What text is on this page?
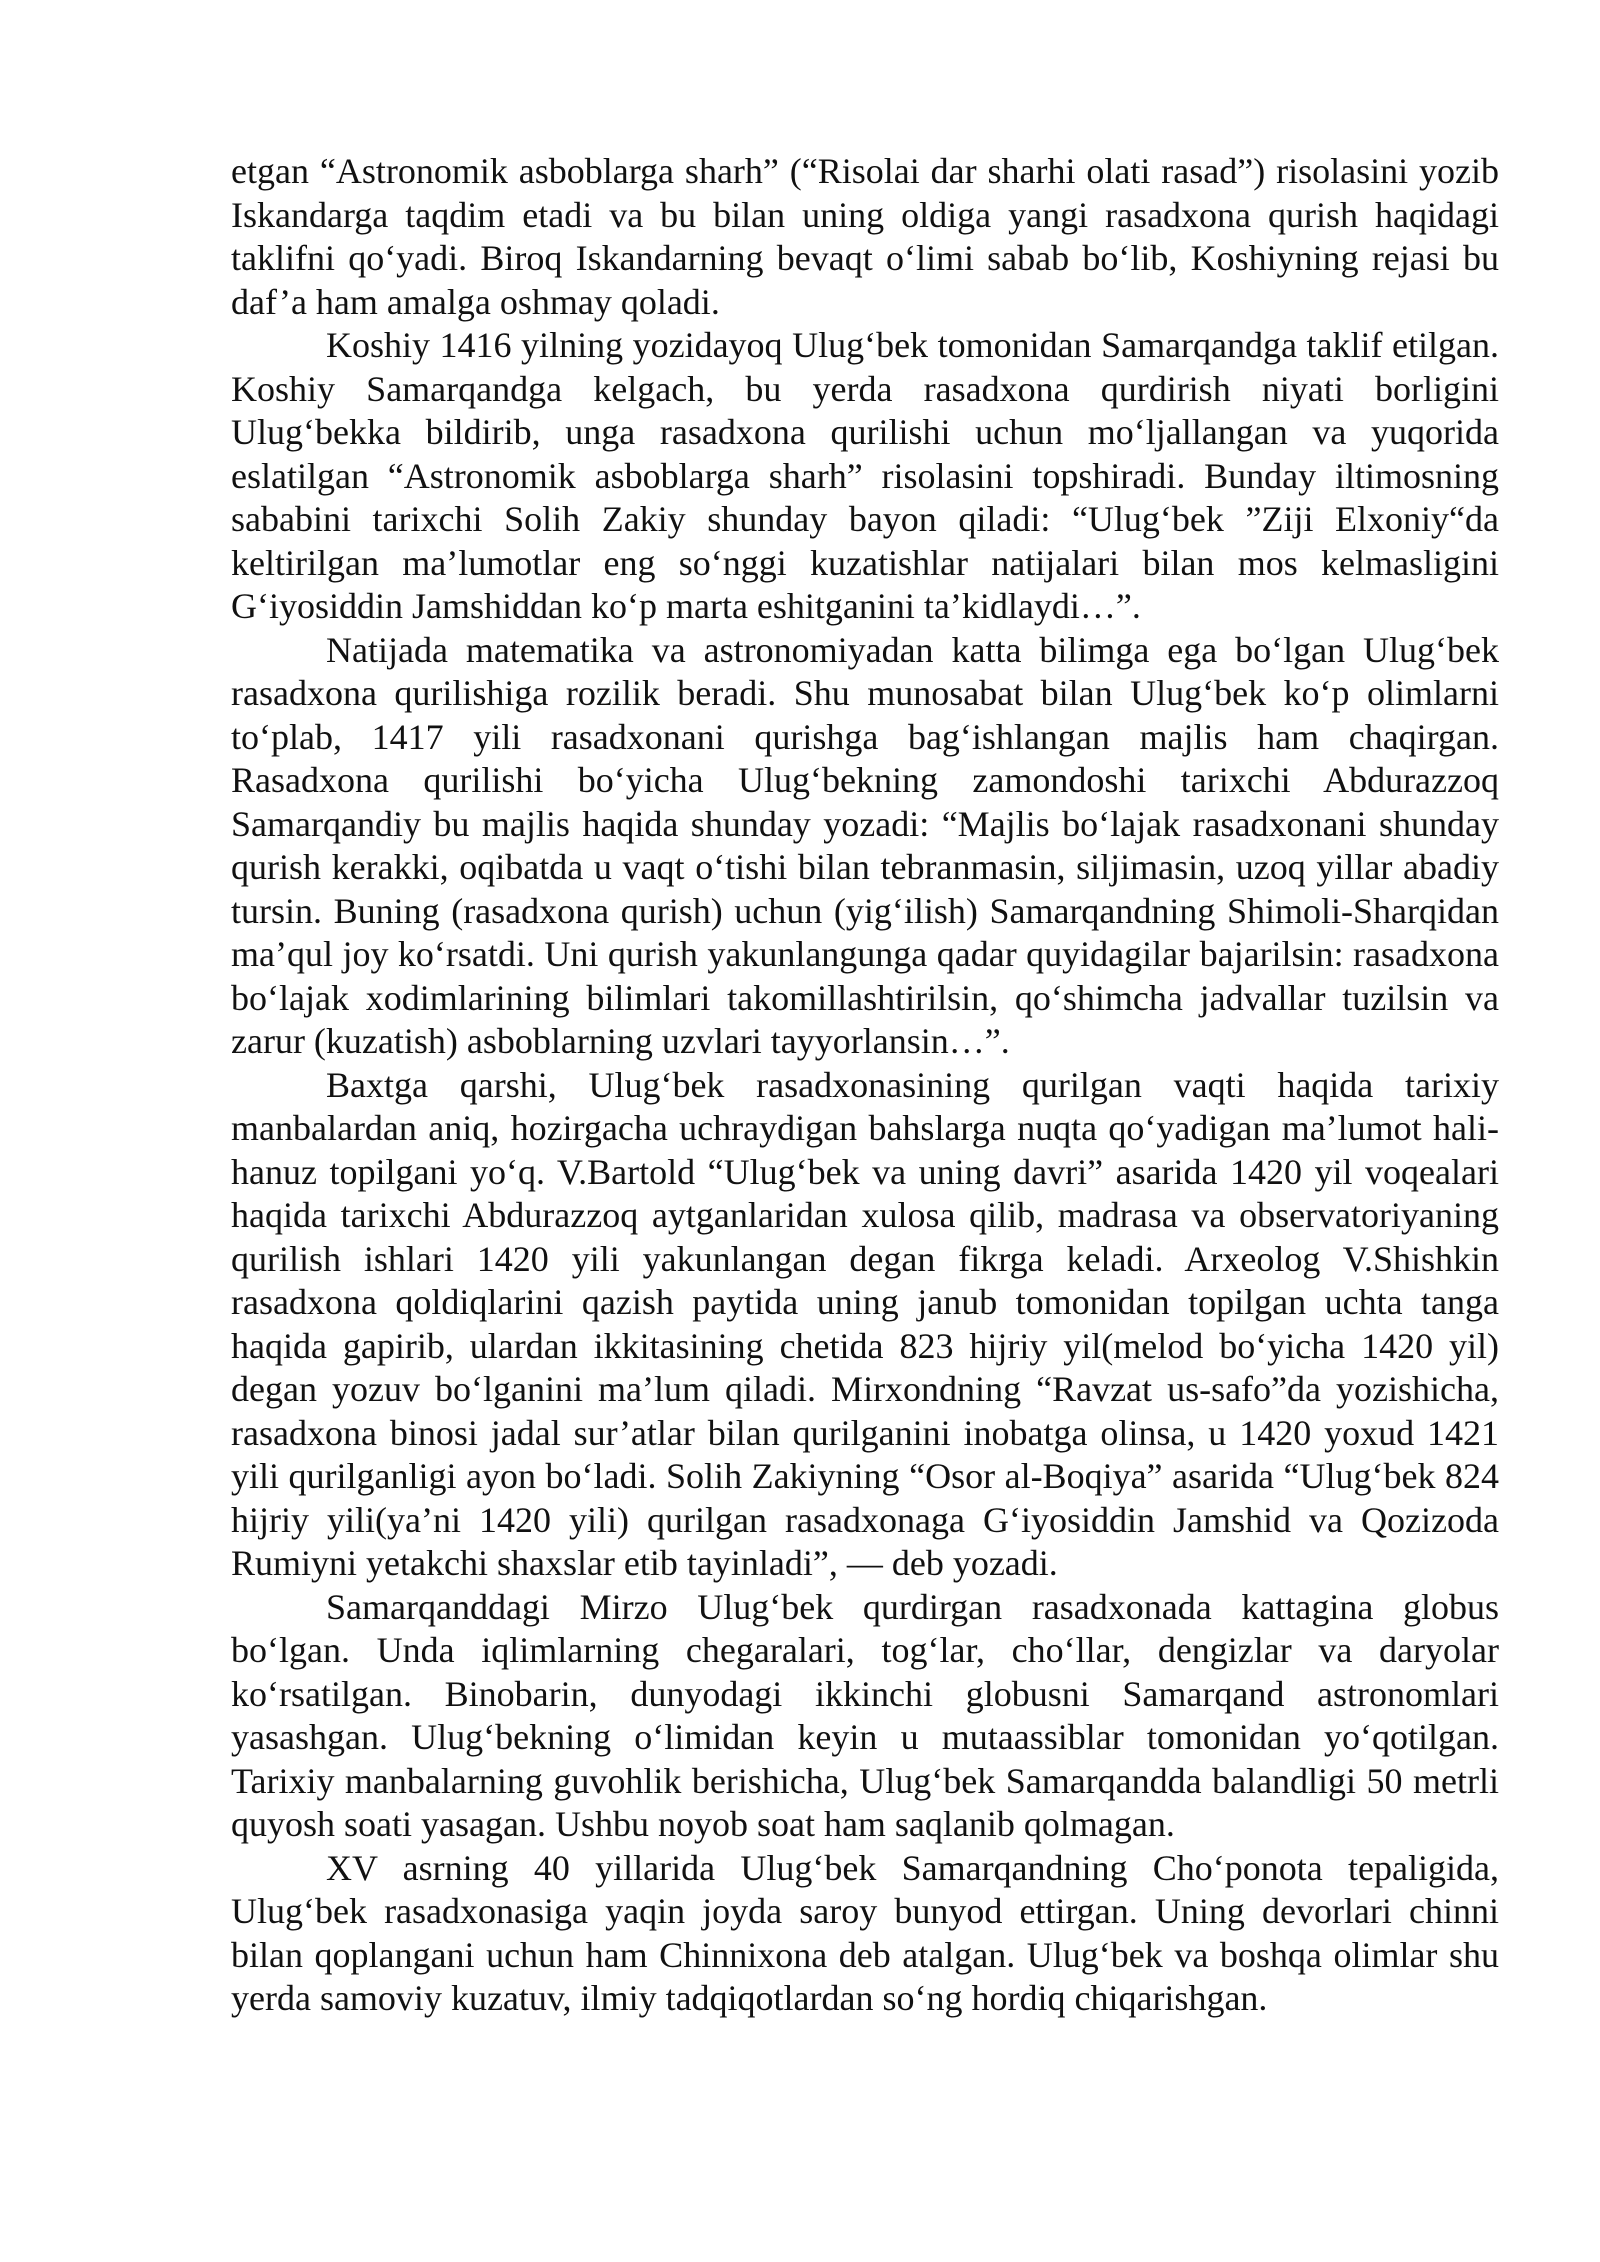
etgan “Astronomik asboblarga sharh” (“Risolai dar sharhi olati rasad”) risolasini yozib Iskandarga taqdim etadi va bu bilan uning oldiga yangi rasadxona qurish haqidagi taklifni qo‘yadi. Biroq Iskandarning bevaqt o‘limi sabab bo‘lib, Koshiyning rejasi bu daf’a ham amalga oshmay qoladi.

Koshiy 1416 yilning yozidayoq Ulug‘bek tomonidan Samarqandga taklif etilgan. Koshiy Samarqandga kelgach, bu yerda rasadxona qurdirish niyati borligini Ulug‘bekka bildirib, unga rasadxona qurilishi uchun mo‘ljallangan va yuqorida eslatilgan “Astronomik asboblarga sharh” risolasini topshiradi. Bunday iltimosning sababini tarixchi Solih Zakiy shunday bayon qiladi: “Ulug‘bek ”Ziji Elxoniy“da keltirilgan ma’lumotlar eng so‘nggi kuzatishlar natijalari bilan mos kelmasligini G‘iyosiddin Jamshiddan ko‘p marta eshitganini ta’kidlaydi…”.

Natijada matematika va astronomiyadan katta bilimga ega bo‘lgan Ulug‘bek rasadxona qurilishiga rozilik beradi. Shu munosabat bilan Ulug‘bek ko‘p olimlarni to‘plab, 1417 yili rasadxonani qurishga bag‘ishlangan majlis ham chaqirgan. Rasadxona qurilishi bo‘yicha Ulug‘bekning zamondoshi tarixchi Abdurazzoq Samarqandiy bu majlis haqida shunday yozadi: “Majlis bo‘lajak rasadxonani shunday qurish kerakki, oqibatda u vaqt o‘tishi bilan tebranmasin, siljimasin, uzoq yillar abadiy tursin. Buning (rasadxona qurish) uchun (yig‘ilish) Samarqandning Shimoli-Sharqidan ma’qul joy ko‘rsatdi. Uni qurish yakunlangunga qadar quyidagilar bajarilsin: rasadxona bo‘lajak xodimlarining bilimlari takomillashtirilsin, qo‘shimcha jadvallar tuzilsin va zarur (kuzatish) asboblarning uzvlari tayyorlansin…”.

Baxtga qarshi, Ulug‘bek rasadxonasining qurilgan vaqti haqida tarixiy manbalardan aniq, hozirgacha uchraydigan bahslarga nuqta qo‘yadigan ma’lumot hali-hanuz topilgani yo‘q. V.Bartold “Ulug‘bek va uning davri” asarida 1420 yil voqealari haqida tarixchi Abdurazzoq aytganlaridan xulosa qilib, madrasa va observatoriyaning qurilish ishlari 1420 yili yakunlangan degan fikrga keladi. Arxeolog V.Shishkin rasadxona qoldiqlarini qazish paytida uning janub tomonidan topilgan uchta tanga haqida gapirib, ulardan ikkitasining chetida 823 hijriy yil(melod bo‘yicha 1420 yil) degan yozuv bo‘lganini ma’lum qiladi. Mirxondning “Ravzat us-safo”da yozishicha, rasadxona binosi jadal sur’atlar bilan qurilganini inobatga olinsa, u 1420 yoxud 1421 yili qurilganligi ayon bo‘ladi. Solih Zakiyning “Osor al-Boqiya” asarida “Ulug‘bek 824 hijriy yili(ya’ni 1420 yili) qurilgan rasadxonaga G‘iyosiddin Jamshid va Qozizoda Rumiyni yetakchi shaxslar etib tayinladi”, — deb yozadi.

Samarqanddagi Mirzo Ulug‘bek qurdirgan rasadxonada kattagina globus bo‘lgan. Unda iqlimlarning chegaralari, tog‘lar, cho‘llar, dengizlar va daryolar ko‘rsatilgan. Binobarin, dunyodagi ikkinchi globusni Samarqand astronomlari yasashgan. Ulug‘bekning o‘limidan keyin u mutaassiblar tomonidan yo‘qotilgan. Tarixiy manbalarning guvohlik berishicha, Ulug‘bek Samarqandda balandligi 50 metrli quyosh soati yasagan. Ushbu noyob soat ham saqlanib qolmagan.

XV asrning 40 yillarida Ulug‘bek Samarqandning Cho‘ponota tepaligida, Ulug‘bek rasadxonasiga yaqin joyda saroy bunyod ettirgan. Uning devorlari chinni bilan qoplangani uchun ham Chinnixona deb atalgan. Ulug‘bek va boshqa olimlar shu yerda samoviy kuzatuv, ilmiy tadqiqotlardan so‘ng hordiq chiqarishgan.
